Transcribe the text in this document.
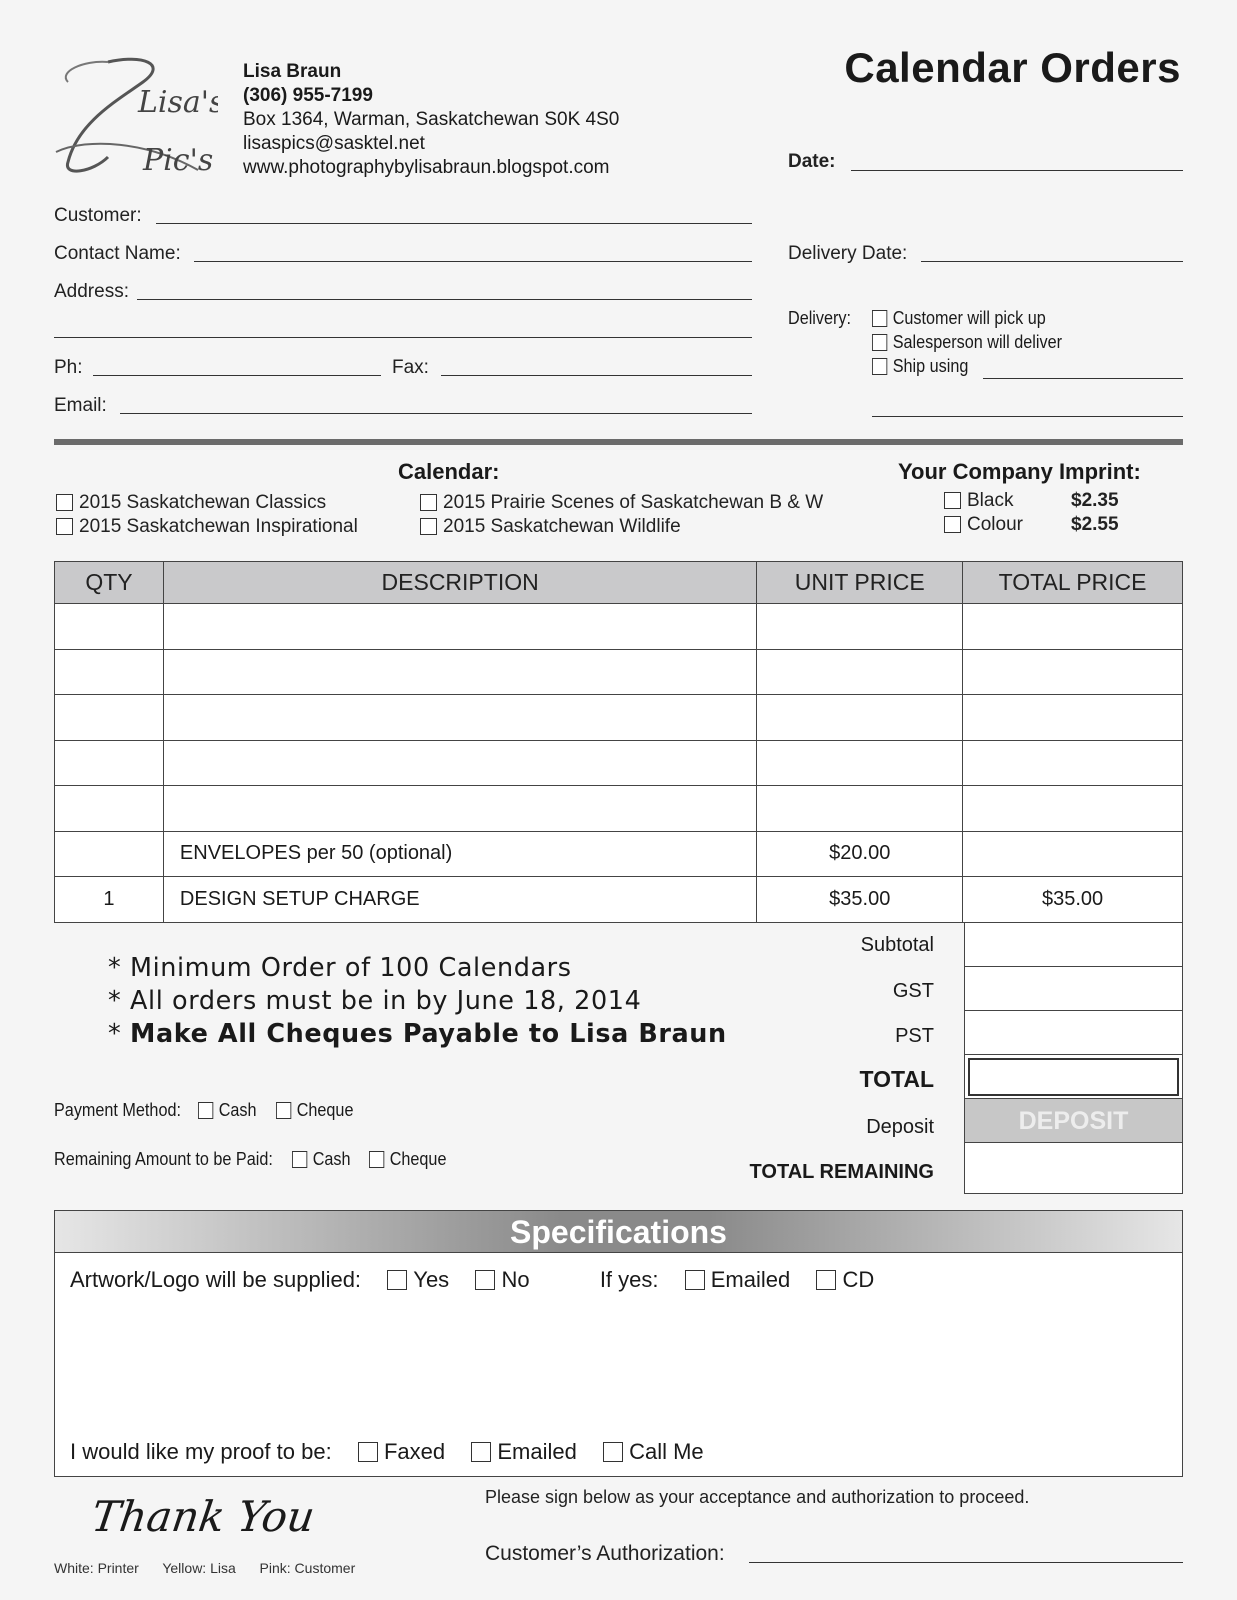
Lisa's
Pic's
Lisa Braun
(306) 955-7199
Box 1364, Warman, Saskatchewan S0K 4S0
lisaspics@sasktel.net
www.photographybylisabraun.blogspot.com
Calendar Orders
Date:
Customer:
Contact Name:	Delivery Date:
Address:
Ph:	Fax:
Email:
Delivery:	Customer will pick up
Salesperson will deliver
Ship using
Calendar:
2015 Saskatchewan Classics
2015 Saskatchewan Inspirational
2015 Prairie Scenes of Saskatchewan B & W
2015 Saskatchewan Wildlife
Your Company Imprint:
Black	$2.35
Colour	$2.55
QTY	DESCRIPTION	UNIT PRICE	TOTAL PRICE

	ENVELOPES per 50 (optional)	$20.00	
1	DESIGN SETUP CHARGE	$35.00	$35.00
Subtotal
GST
PST
TOTAL
Deposit	DEPOSIT
TOTAL REMAINING
* Minimum Order of 100 Calendars
* All orders must be in by June 18, 2014
* Make All Cheques Payable to Lisa Braun
Payment Method:	Cash	Cheque
Remaining Amount to be Paid:	Cash	Cheque
Specifications
Artwork/Logo will be supplied: Yes No	If yes: Emailed CD
I would like my proof to be: Faxed Emailed Call Me
Thank You
White: Printer Yellow: Lisa Pink: Customer
Please sign below as your acceptance and authorization to proceed.
Customer’s Authorization:
